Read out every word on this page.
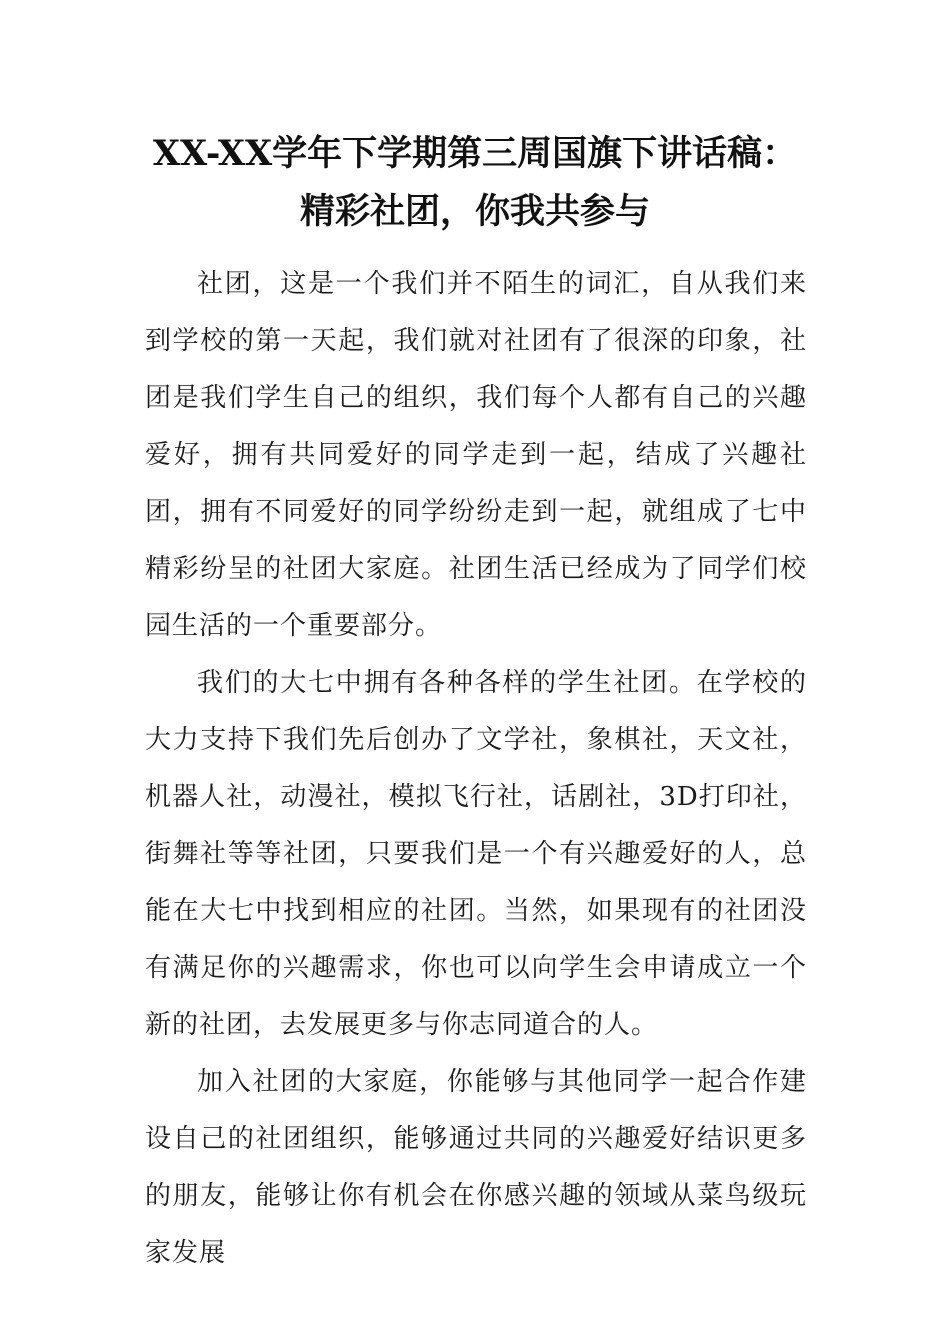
XX-XX学年下学期第三周国旗下讲话稿：
精彩社团，你我共参与

社团，这是一个我们并不陌生的词汇，自从我们来到学校的第一天起，我们就对社团有了很深的印象，社团是我们学生自己的组织，我们每个人都有自己的兴趣爱好，拥有共同爱好的同学走到一起，结成了兴趣社团，拥有不同爱好的同学纷纷走到一起，就组成了七中精彩纷呈的社团大家庭。社团生活已经成为了同学们校园生活的一个重要部分。

我们的大七中拥有各种各样的学生社团。在学校的大力支持下我们先后创办了文学社，象棋社，天文社，机器人社，动漫社，模拟飞行社，话剧社，3D打印社，街舞社等等社团，只要我们是一个有兴趣爱好的人，总能在大七中找到相应的社团。当然，如果现有的社团没有满足你的兴趣需求，你也可以向学生会申请成立一个新的社团，去发展更多与你志同道合的人。

加入社团的大家庭，你能够与其他同学一起合作建设自己的社团组织，能够通过共同的兴趣爱好结识更多的朋友，能够让你有机会在你感兴趣的领域从菜鸟级玩家发展
